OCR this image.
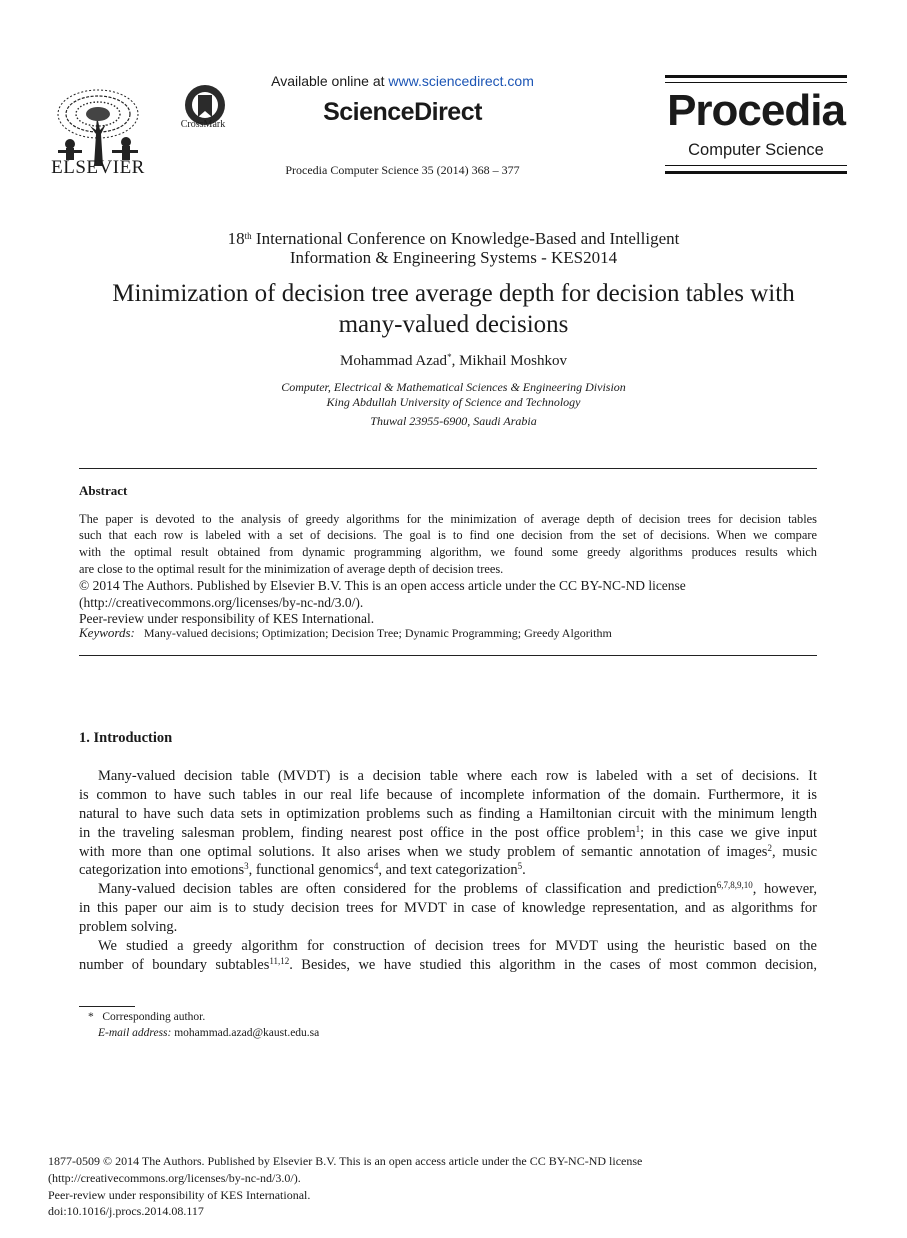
ELSEVIER
CrossMark
Available online at www.sciencedirect.com
ScienceDirect
Procedia Computer Science 35 (2014) 368 – 377
Procedia
Computer Science
18th International Conference on Knowledge-Based and Intelligent
Information & Engineering Systems - KES2014
Minimization of decision tree average depth for decision tables with
many-valued decisions
Mohammad Azad*, Mikhail Moshkov
Computer, Electrical & Mathematical Sciences & Engineering Division
King Abdullah University of Science and Technology
Thuwal 23955-6900, Saudi Arabia
Abstract
The paper is devoted to the analysis of greedy algorithms for the minimization of average depth of decision trees for decision tables
such that each row is labeled with a set of decisions. The goal is to find one decision from the set of decisions. When we compare
with the optimal result obtained from dynamic programming algorithm, we found some greedy algorithms produces results which
are close to the optimal result for the minimization of average depth of decision trees.
© 2014 The Authors. Published by Elsevier B.V. This is an open access article under the CC BY-NC-ND license
(http://creativecommons.org/licenses/by-nc-nd/3.0/).
Peer-review under responsibility of KES International.
Keywords: Many-valued decisions; Optimization; Decision Tree; Dynamic Programming; Greedy Algorithm
1. Introduction
Many-valued decision table (MVDT) is a decision table where each row is labeled with a set of decisions. It
is common to have such tables in our real life because of incomplete information of the domain. Furthermore, it is
natural to have such data sets in optimization problems such as finding a Hamiltonian circuit with the minimum length
in the traveling salesman problem, finding nearest post office in the post office problem$^1$; in this case we give input
with more than one optimal solutions. It also arises when we study problem of semantic annotation of images$^2$, music
categorization into emotions$^3$, functional genomics$^4$, and text categorization$^5$.
Many-valued decision tables are often considered for the problems of classification and prediction$^{6,7,8,9,10}$, however,
in this paper our aim is to study decision trees for MVDT in case of knowledge representation, and as algorithms for
problem solving.
We studied a greedy algorithm for construction of decision trees for MVDT using the heuristic based on the
number of boundary subtables$^{11,12}$. Besides, we have studied this algorithm in the cases of most common decision,
* Corresponding author.
E-mail address: mohammad.azad@kaust.edu.sa
1877-0509 © 2014 The Authors. Published by Elsevier B.V. This is an open access article under the CC BY-NC-ND license
(http://creativecommons.org/licenses/by-nc-nd/3.0/).
Peer-review under responsibility of KES International.
doi:10.1016/j.procs.2014.08.117
